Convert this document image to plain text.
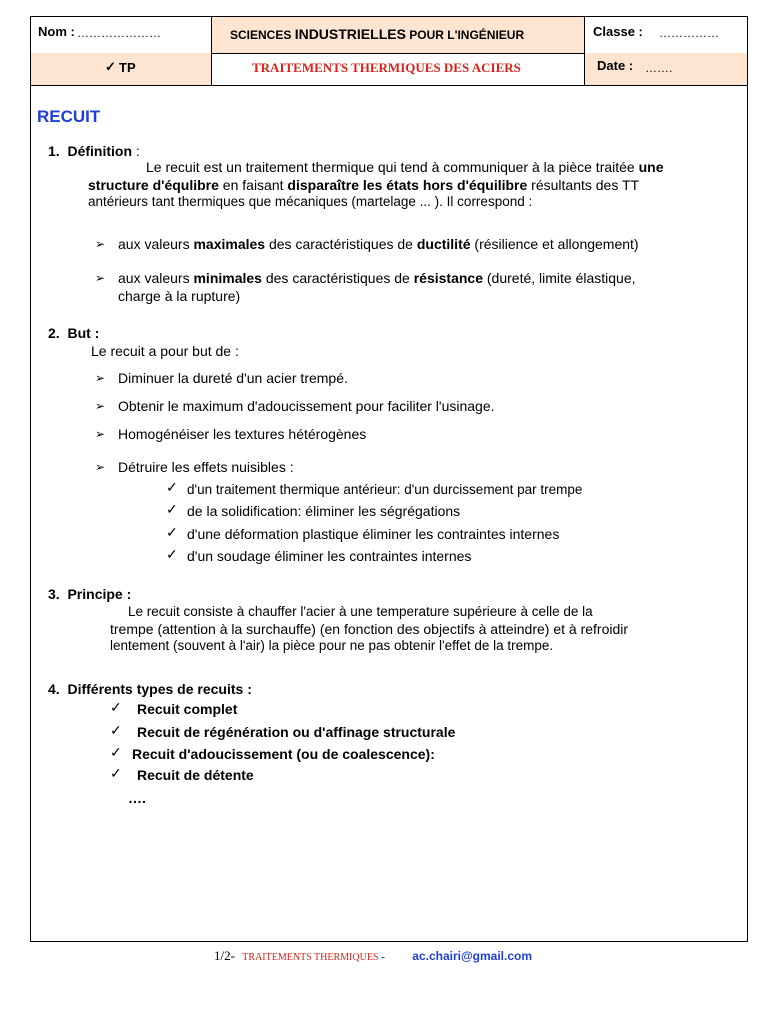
Nom : …………………	SCIENCES INDUSTRIELLES POUR L'INGÉNIEUR	Classe : ……………
✓ TP	TRAITEMENTS THERMIQUES DES ACIERS	Date : …….
RECUIT
1. Définition :
Le recuit est un traitement thermique qui tend à communiquer à la pièce traitée une
structure d'équlibre en faisant disparaître les états hors d'équilibre résultants des TT
antérieurs tant thermiques que mécaniques (martelage ... ). Il correspond :
➢ aux valeurs maximales des caractéristiques de ductilité (résilience et allongement)
➢ aux valeurs minimales des caractéristiques de résistance (dureté, limite élastique,
charge à la rupture)
2. But :
Le recuit a pour but de :
➢ Diminuer la dureté d'un acier trempé.
➢ Obtenir le maximum d'adoucissement pour faciliter l'usinage.
➢ Homogénéiser les textures hétérogènes
➢ Détruire les effets nuisibles :
✓ d'un traitement thermique antérieur: d'un durcissement par trempe
✓ de la solidification: éliminer les ségrégations
✓ d'une déformation plastique éliminer les contraintes internes
✓ d'un soudage éliminer les contraintes internes
3. Principe :
Le recuit consiste à chauffer l'acier à une temperature supérieure à celle de la
trempe (attention à la surchauffe) (en fonction des objectifs à atteindre) et à refroidir
lentement (souvent à l'air) la pièce pour ne pas obtenir l'effet de la trempe.
4. Différents types de recuits :
✓ Recuit complet
✓ Recuit de régénération ou d'affinage structurale
✓ Recuit d'adoucissement (ou de coalescence):
✓ Recuit de détente
….
1/2- TRAITEMENTS THERMIQUES - ac.chairi@gmail.com
